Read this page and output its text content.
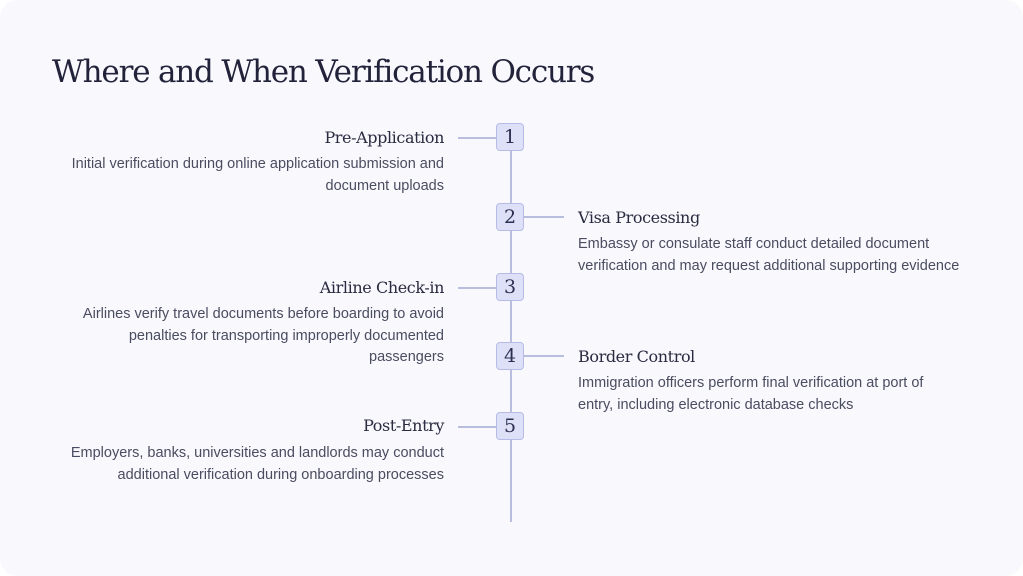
Where and When Verification Occurs
1

Pre-Application

Initial verification during online application submission and document uploads

2	Visa Processing

Embassy or consulate staff conduct detailed document verification and may request additional supporting evidence

3

Airline Check-in

Airlines verify travel documents before boarding to avoid penalties for transporting improperly documented passengers	4	Border Control

Immigration officers perform final verification at port of entry, including electronic database checks

5

Post-Entry

Employers, banks, universities and landlords may conduct additional verification during onboarding processes
